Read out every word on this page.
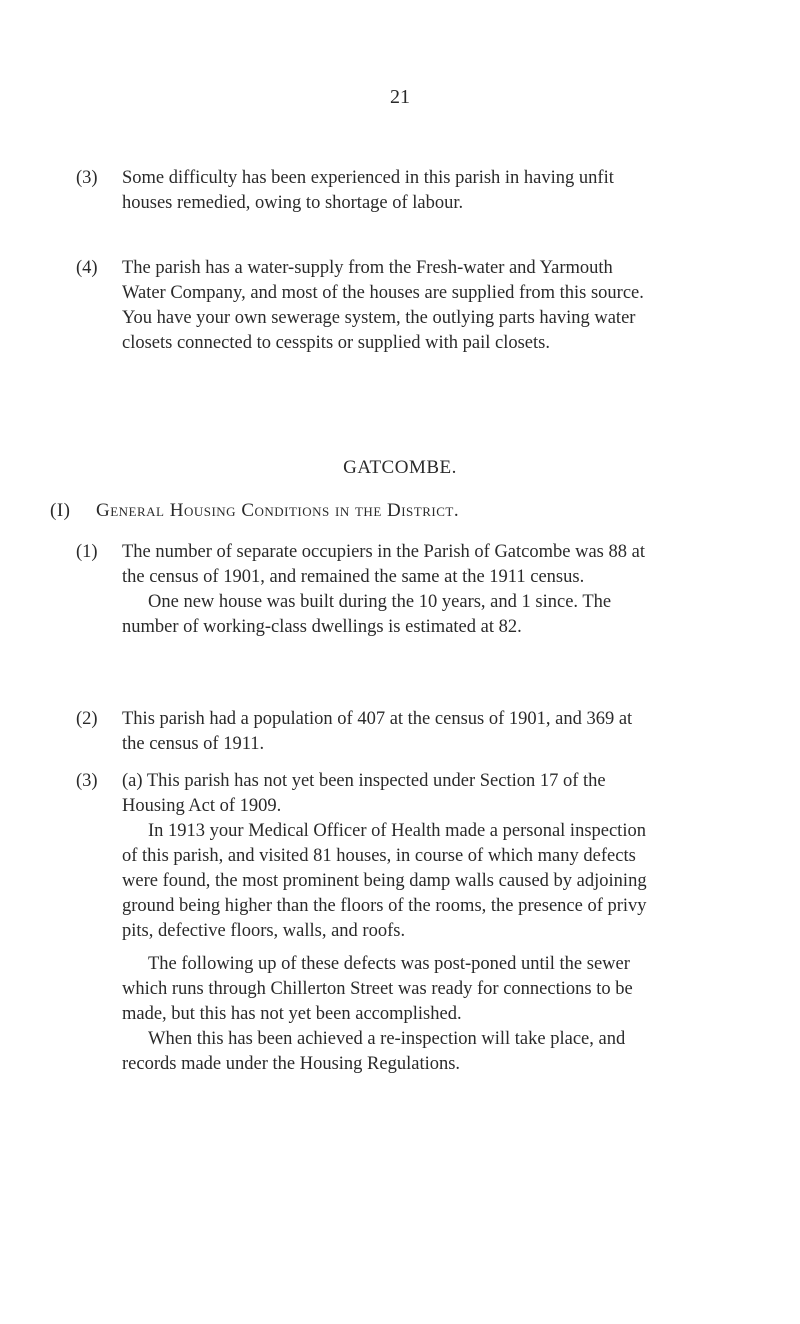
21
(3) Some difficulty has been experienced in this parish in having unfit houses remedied, owing to shortage of labour.
(4) The parish has a water-supply from the Fresh-water and Yarmouth Water Company, and most of the houses are supplied from this source. You have your own sewerage system, the outlying parts having water closets connected to cesspits or supplied with pail closets.
GATCOMBE.
(I) General Housing Conditions in the District.
(1) The number of separate occupiers in the Parish of Gatcombe was 88 at the census of 1901, and remained the same at the 1911 census.
One new house was built during the 10 years, and 1 since. The number of working-class dwellings is estimated at 82.
(2) This parish had a population of 407 at the census of 1901, and 369 at the census of 1911.
(3) (a) This parish has not yet been inspected under Section 17 of the Housing Act of 1909.
In 1913 your Medical Officer of Health made a personal inspection of this parish, and visited 81 houses, in course of which many defects were found, the most prominent being damp walls caused by adjoining ground being higher than the floors of the rooms, the presence of privy pits, defective floors, walls, and roofs.
The following up of these defects was post-poned until the sewer which runs through Chillerton Street was ready for connections to be made, but this has not yet been accomplished.
When this has been achieved a re-inspection will take place, and records made under the Housing Regulations.
